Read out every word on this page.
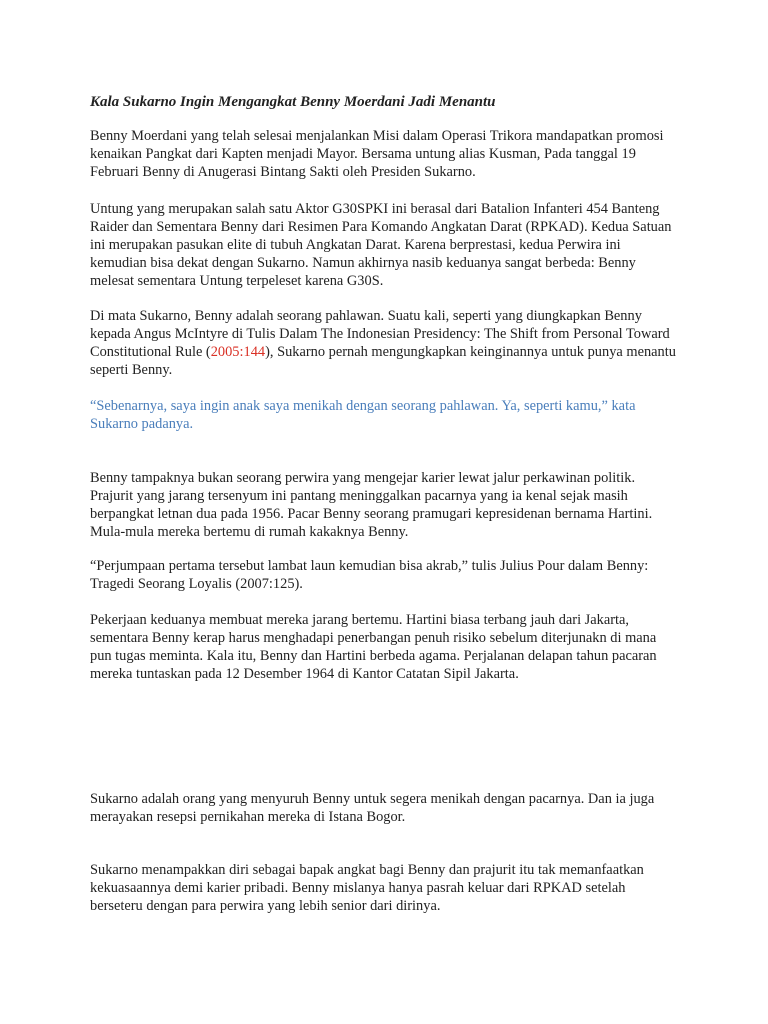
Kala Sukarno Ingin Mengangkat Benny Moerdani Jadi Menantu

Benny Moerdani yang telah selesai menjalankan Misi dalam Operasi Trikora mandapatkan promosi kenaikan Pangkat dari Kapten menjadi Mayor. Bersama untung alias Kusman, Pada tanggal 19 Februari Benny di Anugerasi Bintang Sakti oleh Presiden Sukarno.

Untung yang merupakan salah satu Aktor G30SPKI ini berasal dari Batalion Infanteri 454 Banteng Raider dan Sementara Benny dari Resimen Para Komando Angkatan Darat (RPKAD). Kedua Satuan ini merupakan pasukan elite di tubuh Angkatan Darat. Karena berprestasi, kedua Perwira ini kemudian bisa dekat dengan Sukarno. Namun akhirnya nasib keduanya sangat berbeda: Benny melesat sementara Untung terpeleset karena G30S.

Di mata Sukarno, Benny adalah seorang pahlawan. Suatu kali, seperti yang diungkapkan Benny kepada Angus McIntyre di Tulis Dalam The Indonesian Presidency: The Shift from Personal Toward Constitutional Rule (2005:144), Sukarno pernah mengungkapkan keinginannya untuk punya menantu seperti Benny.

“Sebenarnya, saya ingin anak saya menikah dengan seorang pahlawan. Ya, seperti kamu,” kata Sukarno padanya.

Benny tampaknya bukan seorang perwira yang mengejar karier lewat jalur perkawinan politik. Prajurit yang jarang tersenyum ini pantang meninggalkan pacarnya yang ia kenal sejak masih berpangkat letnan dua pada 1956. Pacar Benny seorang pramugari kepresidenan bernama Hartini. Mula-mula mereka bertemu di rumah kakaknya Benny.

“Perjumpaan pertama tersebut lambat laun kemudian bisa akrab,” tulis Julius Pour dalam Benny: Tragedi Seorang Loyalis (2007:125).

Pekerjaan keduanya membuat mereka jarang bertemu. Hartini biasa terbang jauh dari Jakarta, sementara Benny kerap harus menghadapi penerbangan penuh risiko sebelum diterjunakn di mana pun tugas meminta. Kala itu, Benny dan Hartini berbeda agama. Perjalanan delapan tahun pacaran mereka tuntaskan pada 12 Desember 1964 di Kantor Catatan Sipil Jakarta.

Sukarno adalah orang yang menyuruh Benny untuk segera menikah dengan pacarnya. Dan ia juga merayakan resepsi pernikahan mereka di Istana Bogor.

Sukarno menampakkan diri sebagai bapak angkat bagi Benny dan prajurit itu tak memanfaatkan kekuasaannya demi karier pribadi. Benny mislanya hanya pasrah keluar dari RPKAD setelah berseteru dengan para perwira yang lebih senior dari dirinya.
